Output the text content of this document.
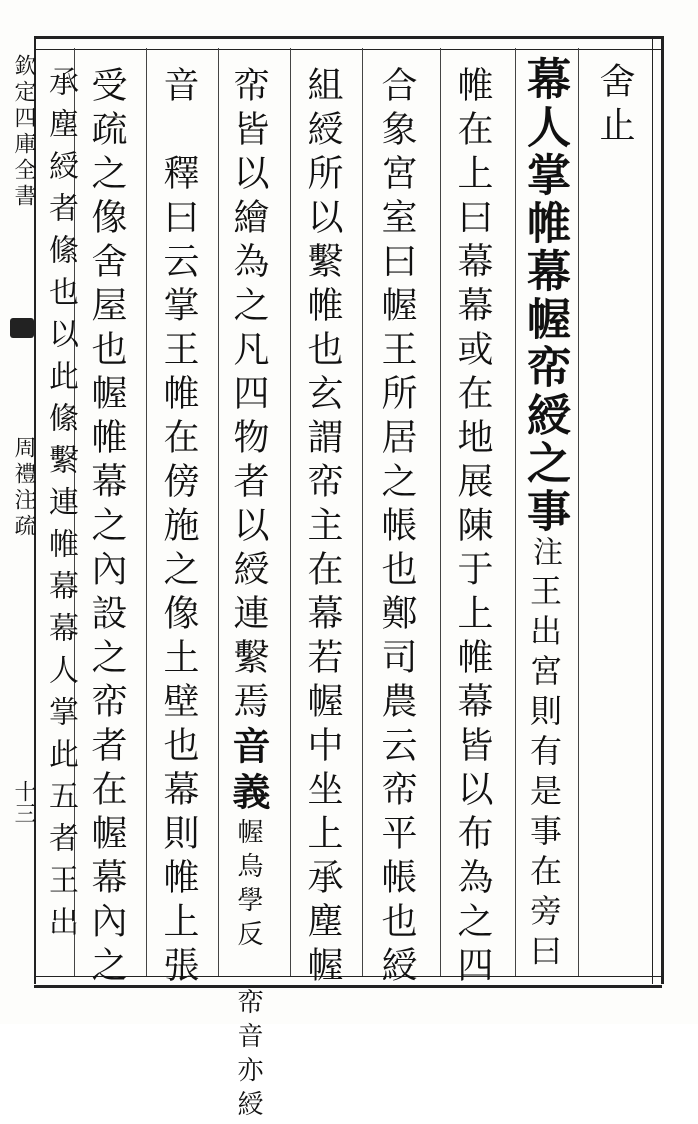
舍止
幕人掌帷幕幄帟綬之事注王出宮則有是事在旁曰
帷在上曰幕幕或在地展陳于上帷幕皆以布為之四
合象宮室曰幄王所居之帳也鄭司農云帟平帳也綬
組綬所以繫帷也玄謂帟主在幕若幄中坐上承塵幄
帟皆以繪為之凡四物者以綬連繫焉音義幄烏學反　帟音亦綬
音　釋曰云掌王帷在傍施之像土壁也幕則帷上張
受疏之像舍屋也幄帷幕之內設之帟者在幄幕內之
承塵綬者絛也以此絛繫連帷幕幕人掌此五者王出
欽定四庫全書
周禮注疏
十三
